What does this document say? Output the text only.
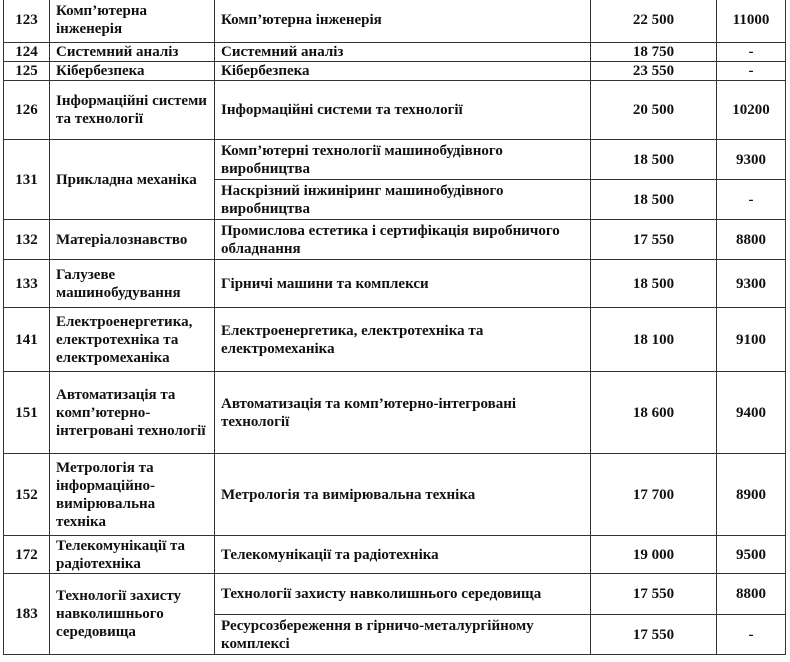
123	Комп’ютерна інженерія	Комп’ютерна інженерія	22 500	11000
124	Системний аналіз	Системний аналіз	18 750	-
125	Кібербезпека	Кібербезпека	23 550	-
126	Інформаційні системи та технології	Інформаційні системи та технології	20 500	10200
131	Прикладна механіка	Комп’ютерні технології машинобудівного виробництва	18 500	9300
		Наскрізний інжиніринг машинобудівного виробництва	18 500	-
132	Матеріалознавство	Промислова естетика і сертифікація виробничого обладнання	17 550	8800
133	Галузеве машинобудування	Гірничі машини та комплекси	18 500	9300
141	Електроенергетика, електротехніка та електромеханіка	Електроенергетика, електротехніка та електромеханіка	18 100	9100
151	Автоматизація та комп’ютерно-інтегровані технології	Автоматизація та комп’ютерно-інтегровані технології	18 600	9400
152	Метрологія та інформаційно-вимірювальна техніка	Метрологія та вимірювальна техніка	17 700	8900
172	Телекомунікації та радіотехніка	Телекомунікації та радіотехніка	19 000	9500
183	Технології захисту навколишнього середовища	Технології захисту навколишнього середовища	17 550	8800
		Ресурсозбереження в гірничо-металургійному комплексі	17 550	-
